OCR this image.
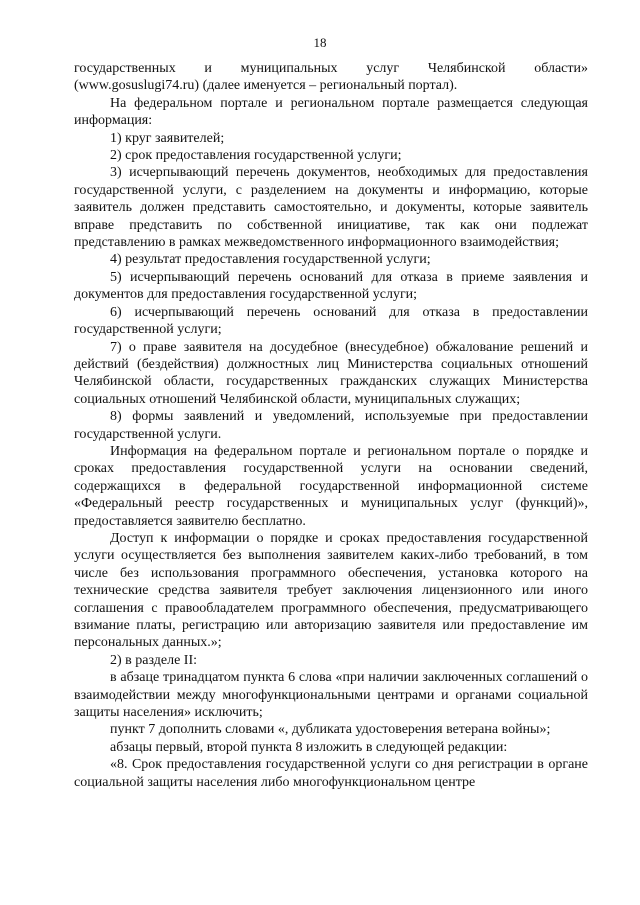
18

государственных и муниципальных услуг Челябинской области» (www.gosuslugi74.ru) (далее именуется – региональный портал).

На федеральном портале и региональном портале размещается следующая информация:

1) круг заявителей;

2) срок предоставления государственной услуги;

3) исчерпывающий перечень документов, необходимых для предоставления государственной услуги, с разделением на документы и информацию, которые заявитель должен представить самостоятельно, и документы, которые заявитель вправе представить по собственной инициативе, так как они подлежат представлению в рамках межведомственного информационного взаимодействия;

4) результат предоставления государственной услуги;

5) исчерпывающий перечень оснований для отказа в приеме заявления и документов для предоставления государственной услуги;

6) исчерпывающий перечень оснований для отказа в предоставлении государственной услуги;

7) о праве заявителя на досудебное (внесудебное) обжалование решений и действий (бездействия) должностных лиц Министерства социальных отношений Челябинской области, государственных гражданских служащих Министерства социальных отношений Челябинской области, муниципальных служащих;

8) формы заявлений и уведомлений, используемые при предоставлении государственной услуги.

Информация на федеральном портале и региональном портале о порядке и сроках предоставления государственной услуги на основании сведений, содержащихся в федеральной государственной информационной системе «Федеральный реестр государственных и муниципальных услуг (функций)», предоставляется заявителю бесплатно.

Доступ к информации о порядке и сроках предоставления государственной услуги осуществляется без выполнения заявителем каких-либо требований, в том числе без использования программного обеспечения, установка которого на технические средства заявителя требует заключения лицензионного или иного соглашения с правообладателем программного обеспечения, предусматривающего взимание платы, регистрацию или авторизацию заявителя или предоставление им персональных данных.»;

2) в разделе II:

в абзаце тринадцатом пункта 6 слова «при наличии заключенных соглашений о взаимодействии между многофункциональными центрами и органами социальной защиты населения» исключить;

пункт 7 дополнить словами «, дубликата удостоверения ветерана войны»;

абзацы первый, второй пункта 8 изложить в следующей редакции:

«8. Срок предоставления государственной услуги со дня регистрации в органе социальной защиты населения либо многофункциональном центре
